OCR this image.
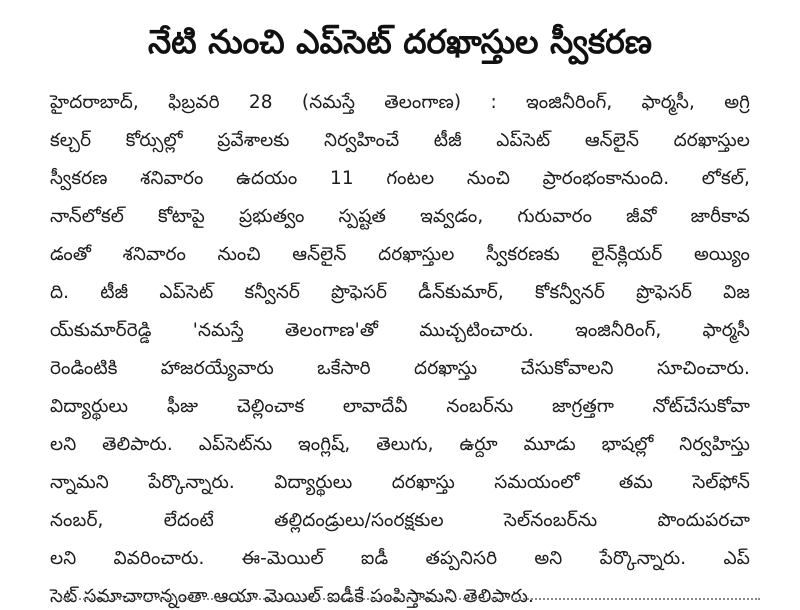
నేటి నుంచి ఎప్‌సెట్ దరఖాస్తుల స్వీకరణ
హైదరాబాద్, ఫిబ్రవరి 28 (నమస్తే తెలంగాణ) : ఇంజినీరింగ్, ఫార్మసీ, అగ్రి
కల్చర్ కోర్సుల్లో ప్రవేశాలకు నిర్వహించే టీజీ ఎప్‌సెట్ ఆన్‌లైన్ దరఖాస్తుల
స్వీకరణ శనివారం ఉదయం 11 గంటల నుంచి ప్రారంభంకానుంది. లోకల్,
నాన్‌లోకల్ కోటాపై ప్రభుత్వం స్పష్టత ఇవ్వడం, గురువారం జీవో జారీకావ
డంతో శనివారం నుంచి ఆన్‌లైన్ దరఖాస్తుల స్వీకరణకు లైన్‌క్లియర్ అయ్యిం
ది. టీజీ ఎప్‌సెట్ కన్వీనర్ ప్రొఫెసర్ డీన్‌కుమార్, కోకన్వీనర్ ప్రొఫెసర్ విజ
య్‌కుమార్‌రెడ్డి 'నమస్తే తెలంగాణ'తో ముచ్చటించారు. ఇంజినీరింగ్, ఫార్మసీ
రెండింటికి హాజరయ్యేవారు ఒకేసారి దరఖాస్తు చేసుకోవాలని సూచించారు.
విద్యార్థులు ఫీజు చెల్లించాక లావాదేవీ నంబర్‌ను జాగ్రత్తగా నోట్‌చేసుకోవా
లని తెలిపారు. ఎప్‌సెట్‌ను ఇంగ్లిష్, తెలుగు, ఉర్దూ మూడు భాషల్లో నిర్వహిస్తు
న్నామని పేర్కొన్నారు. విద్యార్థులు దరఖాస్తు సమయంలో తమ సెల్‌ఫోన్
నంబర్, లేదంటే తల్లిదండ్రులు/సంరక్షకుల సెల్‌నంబర్‌ను పొందుపరచా
లని వివరించారు. ఈ-మెయిల్ ఐడీ తప్పనిసరి అని పేర్కొన్నారు. ఎప్
సెట్ సమాచారాన్నంతా ఆయా మెయిల్ ఐడీకే పంపిస్తామని తెలిపారు.
